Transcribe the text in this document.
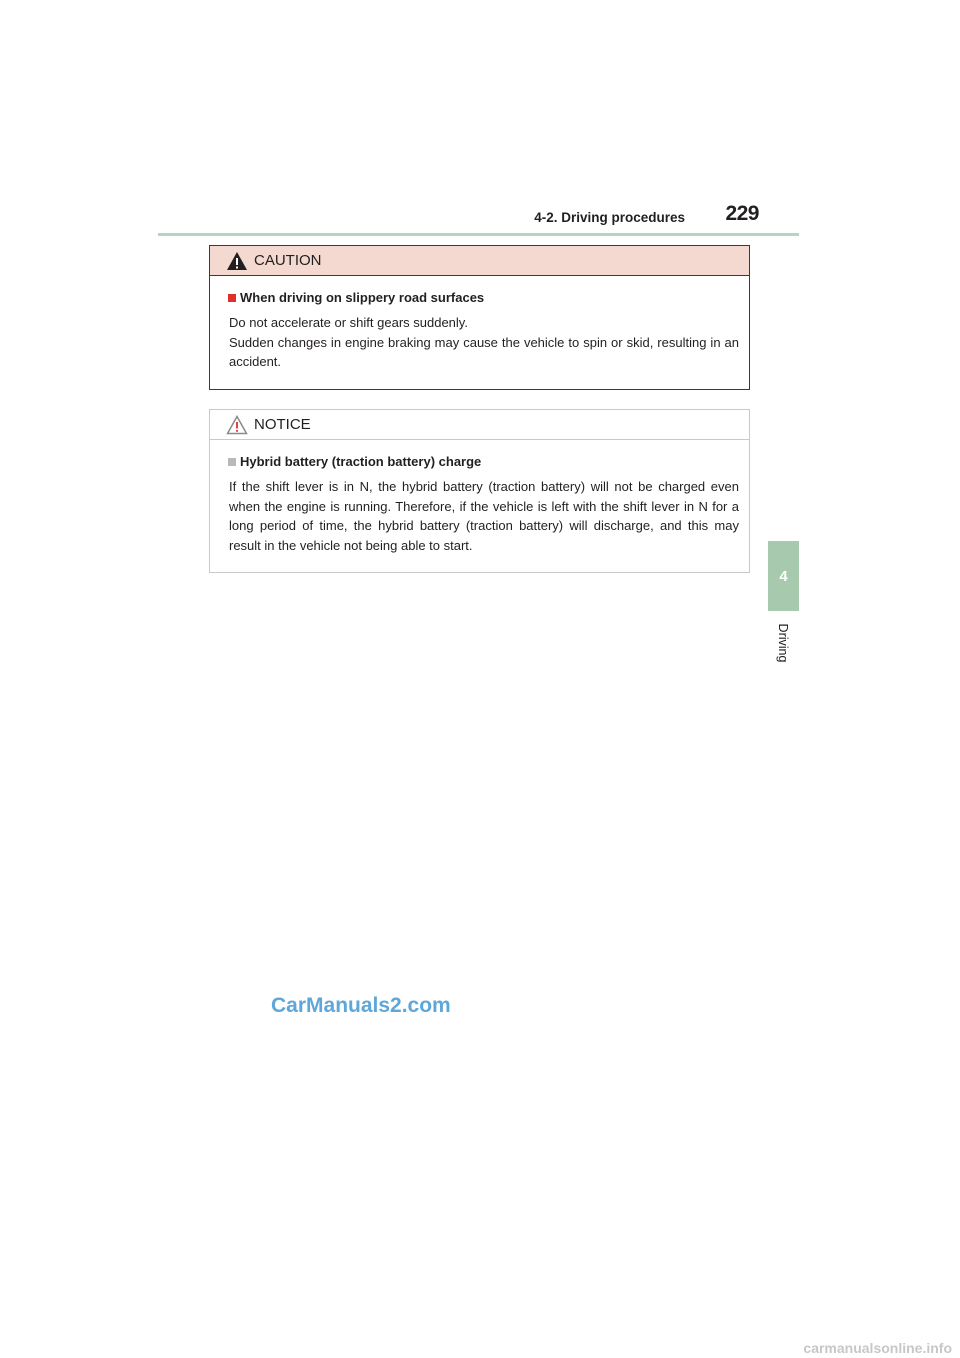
4-2. Driving procedures 229
4
Driving
CAUTION
When driving on slippery road surfaces

Do not accelerate or shift gears suddenly.

Sudden changes in engine braking may cause the vehicle to spin or skid, resulting in an accident.

NOTICE
Hybrid battery (traction battery) charge

If the shift lever is in N, the hybrid battery (traction battery) will not be charged even when the engine is running. Therefore, if the vehicle is left with the shift lever in N for a long period of time, the hybrid battery (traction battery) will discharge, and this may result in the vehicle not being able to start.

CarManuals2.com
carmanualsonline.info
